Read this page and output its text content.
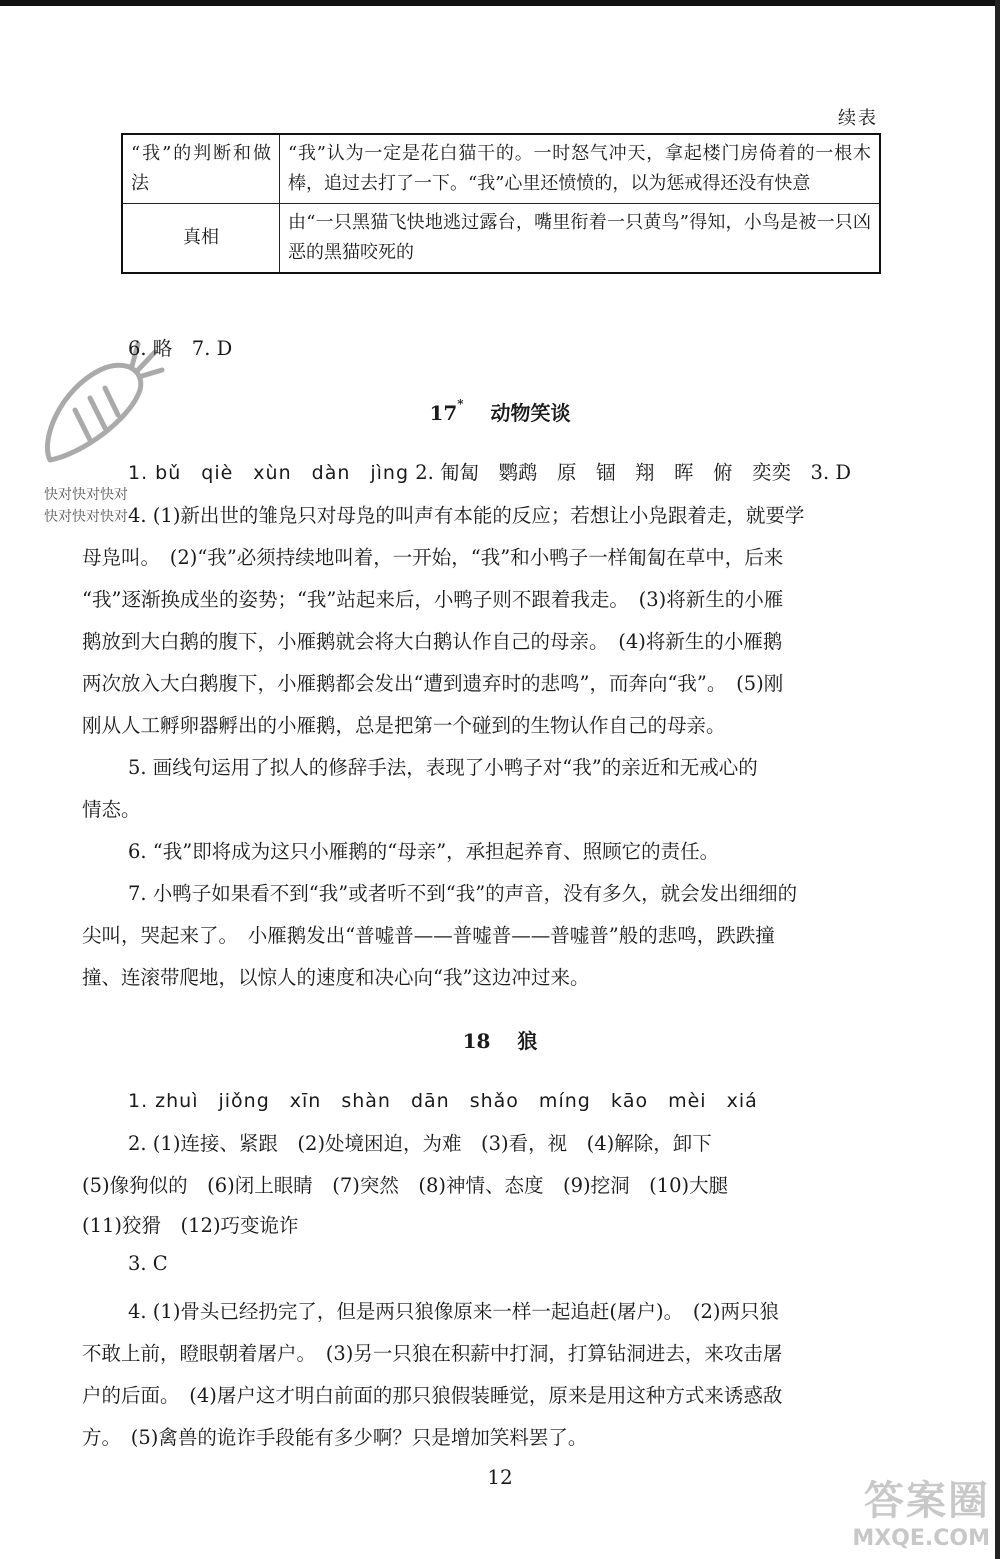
续表
“我”的判断和做法	“我”认为一定是花白猫干的。一时怒气冲天，拿起楼门房倚着的一根木棒，追过去打了一下。“我”心里还愤愤的，以为惩戒得还没有快意
真相	由“一只黑猫飞快地逃过露台，嘴里衔着一只黄鸟”得知，小鸟是被一只凶恶的黑猫咬死的
快对快对快对
快对快对快对
6. 略　7. D
17*　 动物笑谈
1. bǔ　qiè　xùn　dàn　jìng 2. 匍匐　鹦鹉　原　锢　翔　晖　俯　奕奕　3. D
4. (1)新出世的雏凫只对母凫的叫声有本能的反应；若想让小凫跟着走，就要学
母凫叫。　(2)“我”必须持续地叫着，一开始，“我”和小鸭子一样匍匐在草中，后来
“我”逐渐换成坐的姿势；“我”站起来后，小鸭子则不跟着我走。　(3)将新生的小雁
鹅放到大白鹅的腹下，小雁鹅就会将大白鹅认作自己的母亲。　(4)将新生的小雁鹅
两次放入大白鹅腹下，小雁鹅都会发出“遭到遗弃时的悲鸣”，而奔向“我”。　(5)刚
刚从人工孵卵器孵出的小雁鹅，总是把第一个碰到的生物认作自己的母亲。
5. 画线句运用了拟人的修辞手法，表现了小鸭子对“我”的亲近和无戒心的
情态。
6. “我”即将成为这只小雁鹅的“母亲”，承担起养育、照顾它的责任。
7. 小鸭子如果看不到“我”或者听不到“我”的声音，没有多久，就会发出细细的
尖叫，哭起来了。　小雁鹅发出“普嘘普——普嘘普——普嘘普”般的悲鸣，跌跌撞
撞、连滚带爬地，以惊人的速度和决心向“我”这边冲过来。
18　 狼
1. zhuì　jiǒng　xīn　shàn　dān　shǎo　míng　kāo　mèi　xiá
2. (1)连接、紧跟　(2)处境困迫，为难　(3)看，视　(4)解除，卸下
(5)像狗似的　(6)闭上眼睛　(7)突然　(8)神情、态度　(9)挖洞　(10)大腿
(11)狡猾　(12)巧变诡诈
3. C
4. (1)骨头已经扔完了，但是两只狼像原来一样一起追赶(屠户)。　(2)两只狼
不敢上前，瞪眼朝着屠户。　(3)另一只狼在积薪中打洞，打算钻洞进去，来攻击屠
户的后面。　(4)屠户这才明白前面的那只狼假装睡觉，原来是用这种方式来诱惑敌
方。　(5)禽兽的诡诈手段能有多少啊？只是增加笑料罢了。
12
答案圈
MXQE.COM
